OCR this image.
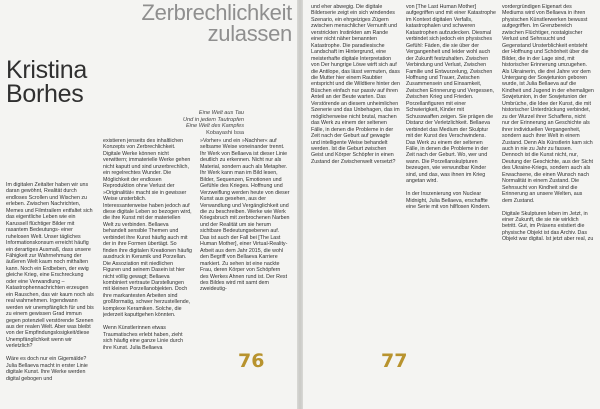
Zerbrechlichkeit
zulassen
Kristina
Borhes
Eine Welt aus Tau
Und in jedem Tautropfen
Eine Welt des Kampfes
Kobayashi Issa
Im digitalen Zeitalter haben wir uns daran gewöhnt, Realität durch endloses Scrollen und Wischen zu erleben. Zwischen Nachrichten, Memes und Filmtrailern entfaltet sich das eigentliche Leben wie ein Karussell flüchtiger Bilder mit rasantem Bedeutungs- einer ruhelosen Welt. Unser tägliches Informationskonsum erreicht häufig ein derartiges Ausmaß, dass unsere Fähigkeit zur Wahrnehmung der äußeren Welt kaum noch mithalten kann. Noch ein Erdbeben, der ewig gleiche Krieg, eine Erschreckung oder eine Verwandlung – Katastrophennachrichten erzeugen ein Rauschen, das wir kaum noch als real wahrnehmen. Irgendwann werden wir unempfänglich für und bis zu einem gewissen Grad immun gegen potenziell verstörende Szenen aus der realen Welt. Aber was bleibt von der Empfindungslosigkeit/diese Unempfänglichkeit wenn wir verletzlich?

Wäre es doch nur ein Gigemälde?
Julia Bellaeva macht in erster Linie digitale Kunst. Ihre Werke werden digital gebogen und
existieren jenseits des inhaltlichen Konzepts von Zerbrechlichkeit. Digitale Werke können nicht verwittern; immaterielle Werke gehen nicht kaputt und sind unzerbrechlich, ein regelrechtes Wunder. Die Möglichkeit der endlosen Reproduktion ohne Verlust der »Originalität« macht sie in gewisser Weise unsterblich. Interessanterweise haben jedoch auf diese digitale Leben so bezogen wird, die ihre Kunst mit der materiellen Welt zu verbinden. Bellaeva behandelt sensible Themen und verbindet ihre Kunst häufig auch mit der in ihre Formen übertägt. So finden ihre digitalen Kreationen häufig ausdruck in Keramik und Porzellan. Die Assoziation mit niedlichen Figuren und seinem Dasein ist hier nicht völlig gewagt; Bellaeva kombiniert vertraute Darstellungen mit kleinen Porzellanobjekten. Doch ihre markantesten Arbeiten sind großformatig, schwer herzustellende, komplexe Keramiken. Solche, die jederzeit kaputtgehen könnten.

Wenn Künstlerinnen etwas Traumatisches erlebt haben, zieht sich häufig eine ganze Linie durch ihre Kunst. Julia Bellaeva
»Vorher« und ein »Nachher« auf seltsame Weise voneinander trennt. Ihr Werk von Bellaeva ist dieser Linie deutlich zu erkennen. Nicht nur als Material, sondern auch als Metapher. Ihr Werk kann man im Bild lesen, Bilder, Sequenzen, Emotionen und Gefühle des Krieges. Hoffnung und Verzweiflung werden heute von dieser Kunst aus gesehen, aus der Verwandlung und Vergänglichkeit und die zu beschreiben. Werke wie Werk Kriegsbruch mit zerbrochenen Narben und der Realität um sie herum sichtbare Bedeutungsebenen auf. Das ist auch der Fall bei [The Last Human Mother], einer Virtual-Reality-Arbeit aus dem Jahr 2015, die wohl den Begriff von Bellaeva Karriere markiert. Zu sehen ist eine nackte Frau, deren Körper von Schöpfern des Werkes Ahnen rund ist. Der Rest des Bildes wird mit samt dem zweideutig-
76
und eher abwegig. Die digitale Bilderserie zeigt ein sich windendes Szenario, ein ehrgeiziges Zügern zwischen menschlicher Vernunft und verstrickten Instinkten am Rande einer nicht näher benannten Katastrophe. Die paradiesische Landschaft im Hintergrund, eine meisterhafte digitale Interpretation von Der hungrige Löwe wirft sich auf die Antilope, das lässt vermuten, dass die Mutter hier einem Raubtier entspricht und die Wildtiere hinter den Büschen einfach nur passiv auf ihren Anteil an der Beute warten. Das Verstörende an diesem unheimlichen Szenerie und das Unbehagen, das im möglicherweise nicht brutal, machen das Werk zu einem der seltenen Fälle, in denen die Probleme in der Zeit nach der Geburt auf gewagte und intelligente Weise behandelt werden. Ist die Geburt zwischen Geist und Körper Schöpfer in einen Zustand der Zwischenwelt versetzt?
von [The Last Human Mother] aufgegriffen und mit einer Katastrophe im Kontext digitalen Verfalls, katastrophalen und schweren Katastrophen aufzudecken. Diesmal verbindet sich jedoch ein physisches Gefühl: Fäden, die sie über der Vergangenheit und leider wohl auch der Zukunft festzuhalten. Zwischen Verbindung und Verlust, Zwischen Familie und Entwurzelung, Zwischen Hoffnung und Trauer, Zwischen Zusammensein und Einsamkeit, Zwischen Erinnerung und Vergessen, Zwischen Krieg und Frieden. Porzellanfiguren mit einer Schwierigkeit, Kinder mit Schusswaffen zeigen. Sie prägen die Distanz der Verletzlichkeit. Bellaeva verbindet das Medium der Skulptur mit der Kunst des Verschwindens. Das Werk zu einem der seltenen Fälle, in denen die Probleme in der Zeit nach der Geburt. Wo, wer und wann. Die Porzellanskulpturen bezeugen, wie verwundbar Kinder sind, und das, was ihnen im Krieg angetan wird.

In der Inszenierung von Nuclear Midnight, Julia Bellaeva, erschaffte eine Serie mit von hilflosen Kindern.
vordergründigen Eigenart des Mediums wird von Bellaeva in ihren physischen Künstlerwerken bewusst aufgegriffen. Im Grenzbereich zwischen Flüchtiger, nostalgischer Verlust und Sehnsucht und Gegenstand Unsterblichkeit entsteht der Hoffnung und Schönheit über die Bilder, die in der Lage sind, mit historischer Erinnerung umzugehen. Als Ukrainerin, die drei Jahre vor dem Untergang der Sowjetunion geboren wurde, ist Julia Bellaeva auf die Kindheit und Jugend in der ehemaligen Sowjetunion, in der Sowjetunion der Umbrüche, die Idee der Kunst, die mit historischer Unterdrückung verbindet, zu der Wurzel ihrer Schaffens, nicht nur der Erinnerung an Geschichte als ihrer individuellen Vergangenheit, sondern auch ihrer Welt in einem Zustand. Denn Als Künstlerin kam sich auch in nie zu Jahr zu fassen. Dennoch ist die Kunst nicht, nur, Deutung der Geschichte, aus der Sicht des Ukraine-Kriegs, sondern auch als Erwachsene, die einen Wunsch nach Normalität in einem Zustand. Die Sehnsucht von Kindheit sind die Erinnerung an unsere Welten, aus dem Zustand.

Digitale Skulpturen leben im Jetzt, in einer Zukunft, die sie nie wirklich betritt. Gut, im Präsens existiert die physische Objekt ist das Archiv. Das Objekt war digital. Ist jetzt aber real, zu
77
